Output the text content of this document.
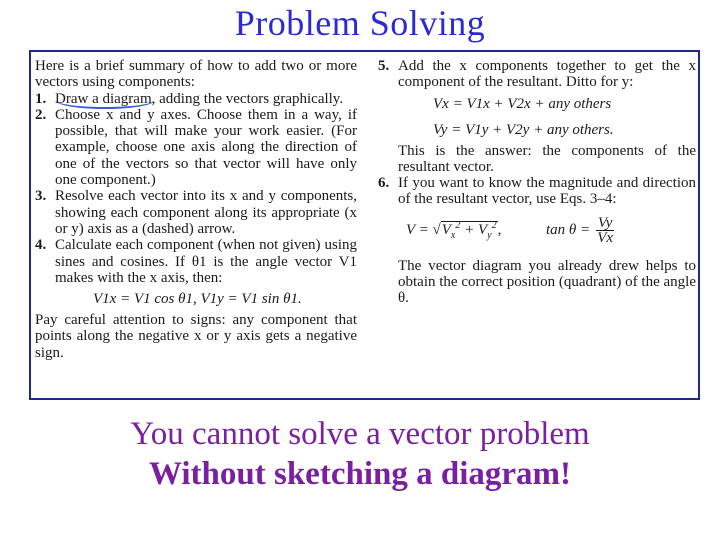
Problem Solving

Here is a brief summary of how to add two or more vectors using components:

1. Draw a diagram, adding the vectors graphically.
2. Choose x and y axes. Choose them in a way, if possible, that will make your work easier. (For example, choose one axis along the direction of one of the vectors so that vector will have only one component.)
3. Resolve each vector into its x and y components, showing each component along its appropriate (x or y) axis as a (dashed) arrow.
4. Calculate each component (when not given) using sines and cosines. If θ1 is the angle vector V1 makes with the x axis, then:
V1x = V1 cos θ1, V1y = V1 sin θ1.

Pay careful attention to signs: any component that points along the negative x or y axis gets a negative sign.

5. Add the x components together to get the x component of the resultant. Ditto for y:
Vx = V1x + V2x + any others
Vy = V1y + V2y + any others.

This is the answer: the components of the resultant vector.

6. If you want to know the magnitude and direction of the resultant vector, use Eqs. 3–4:
$V = √V_x^2 + V_y^2$,	$\tan \theta = \frac{Vy}{Vx}$

The vector diagram you already drew helps to obtain the correct position (quadrant) of the angle θ.

You cannot solve a vector problem
Without sketching a diagram!
